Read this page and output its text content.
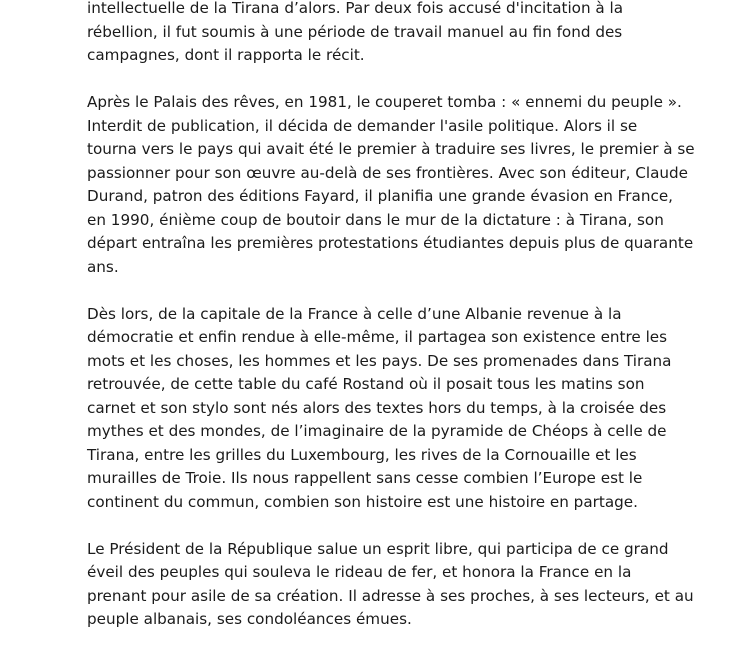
intellectuelle de la Tirana d’alors. Par deux fois accusé d'incitation à la
rébellion, il fut soumis à une période de travail manuel au fin fond des
campagnes, dont il rapporta le récit.

Après le Palais des rêves, en 1981, le couperet tomba : « ennemi du peuple ».
Interdit de publication, il décida de demander l'asile politique. Alors il se
tourna vers le pays qui avait été le premier à traduire ses livres, le premier à se
passionner pour son œuvre au-delà de ses frontières. Avec son éditeur, Claude
Durand, patron des éditions Fayard, il planifia une grande évasion en France,
en 1990, énième coup de boutoir dans le mur de la dictature : à Tirana, son
départ entraîna les premières protestations étudiantes depuis plus de quarante
ans.

Dès lors, de la capitale de la France à celle d’une Albanie revenue à la
démocratie et enfin rendue à elle-même, il partagea son existence entre les
mots et les choses, les hommes et les pays. De ses promenades dans Tirana
retrouvée, de cette table du café Rostand où il posait tous les matins son
carnet et son stylo sont nés alors des textes hors du temps, à la croisée des
mythes et des mondes, de l’imaginaire de la pyramide de Chéops à celle de
Tirana, entre les grilles du Luxembourg, les rives de la Cornouaille et les
murailles de Troie. Ils nous rappellent sans cesse combien l’Europe est le
continent du commun, combien son histoire est une histoire en partage.

Le Président de la République salue un esprit libre, qui participa de ce grand
éveil des peuples qui souleva le rideau de fer, et honora la France en la
prenant pour asile de sa création. Il adresse à ses proches, à ses lecteurs, et au
peuple albanais, ses condoléances émues.
